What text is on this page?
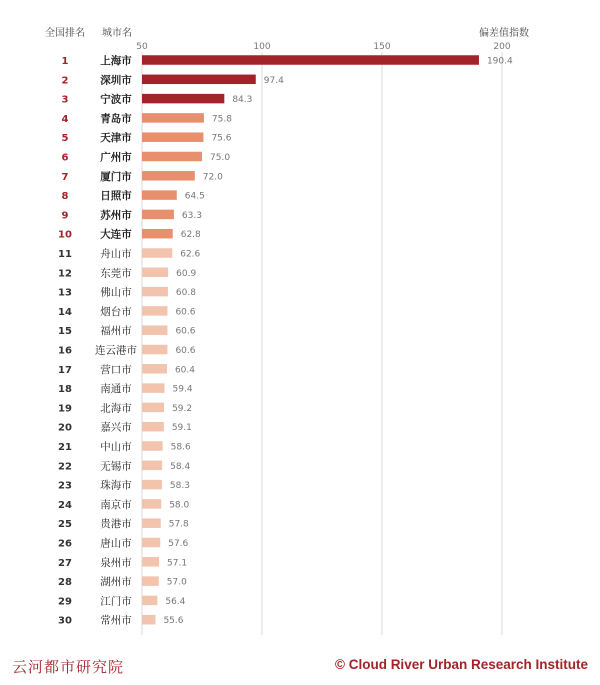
全国排名 城市名	偏差值指数
50	100	150	200
1	上海市	190.4
2	深圳市	97.4
3	宁波市	84.3
4	青岛市	75.8
5	天津市	75.6
6	广州市	75.0
7	厦门市	72.0
8	日照市	64.5
9	苏州市	63.3
10	大连市	62.8
11	舟山市	62.6
12	东莞市	60.9
13	佛山市	60.8
14	烟台市	60.6
15	福州市	60.6
16 连云港市	60.6
17	营口市	60.4
18	南通市	59.4
19	北海市	59.2
20	嘉兴市	59.1
21	中山市	58.6
22	无锡市	58.4
23	珠海市	58.3
24	南京市	58.0
25	贵港市	57.8
26	唐山市	57.6
27	泉州市	57.1
28	湖州市	57.0
29	江门市	56.4
30	常州市	55.6
云河都市研究院	© Cloud River Urban Research Institute
